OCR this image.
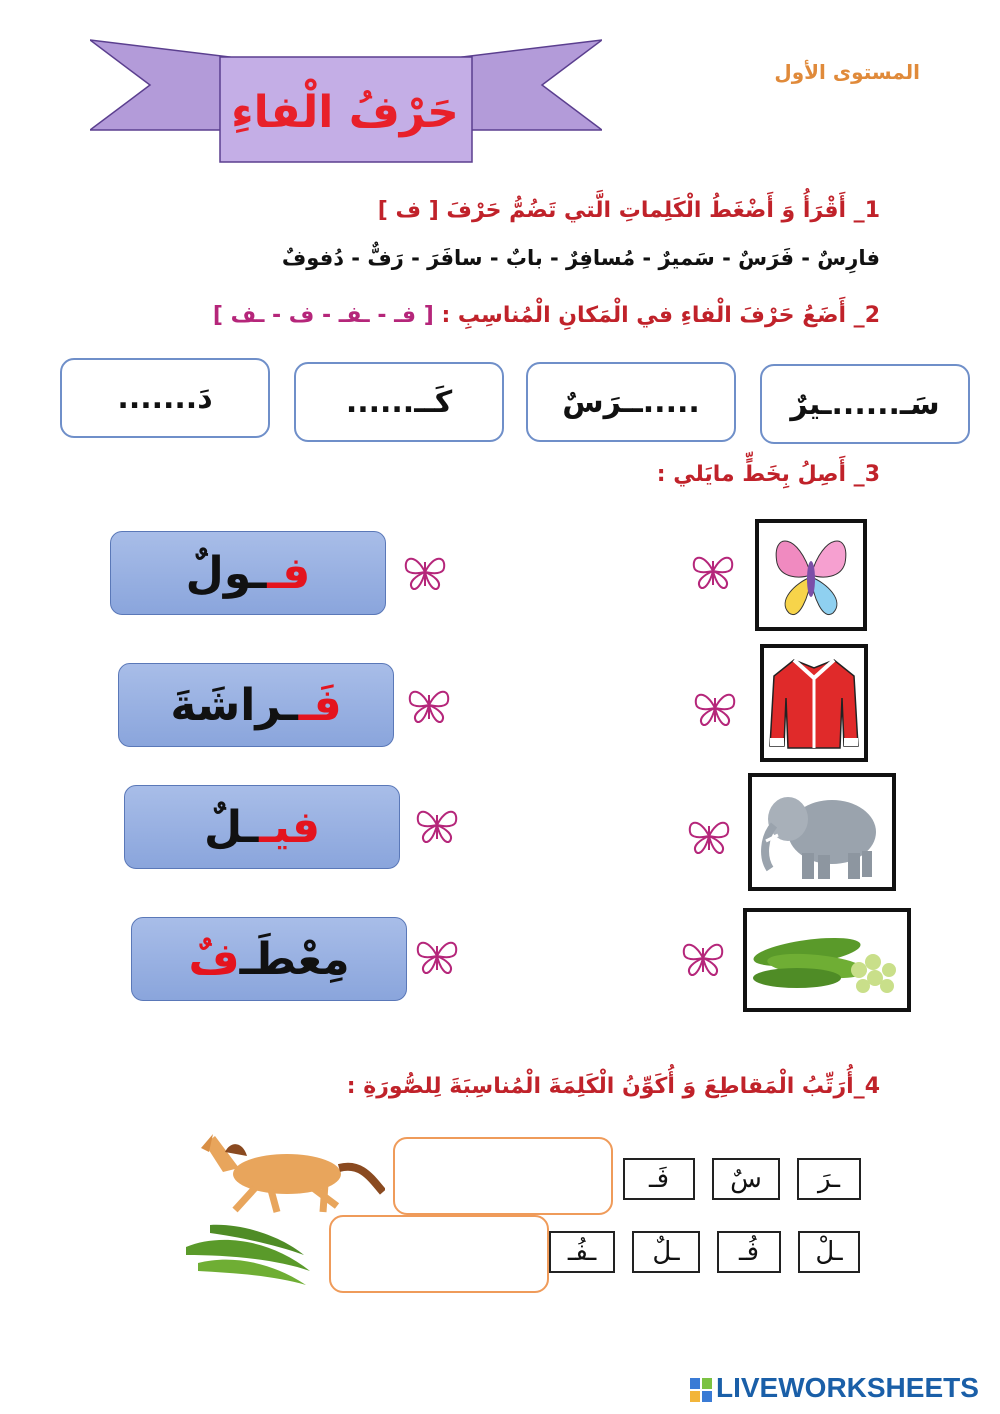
المستوى الأول
حَرْفُ الْفاءِ
1_ أَقْرَأُ وَ أَضْغَطُ الْكَلِماتِ الَّتي تَضُمُّ حَرْفَ [ ف ]
فارِسٌ - فَرَسٌ - سَميرٌ - مُسافِرٌ - بابٌ - سافَرَ - رَفٌّ - دُفوفٌ
2_ أَضَعُ حَرْفَ الْفاءِ في الْمَكانِ الْمُناسِبِ : [ فـ - ـفـ - ف - ـف ]
سَـ......ـيرٌ
.....ــرَسٌ
كَــ......
دَ.......
3_ أَصِلُ بِخَطٍّ مايَلي :
فـ
ـولٌ
فَـ
ـراشَةَ
فيـ
ـلٌ
مِعْطَـ
فٌ
4_أُرَتِّبُ الْمَقاطِعَ وَ أُكَوِّنُ الْكَلِمَةَ الْمُناسِبَةَ لِلصُّورَةِ :
ـرَ
سٌ
فَـ
ـلْ
فُـ
ـلٌ
ـفُـ
LIVEWORKSHEETS
